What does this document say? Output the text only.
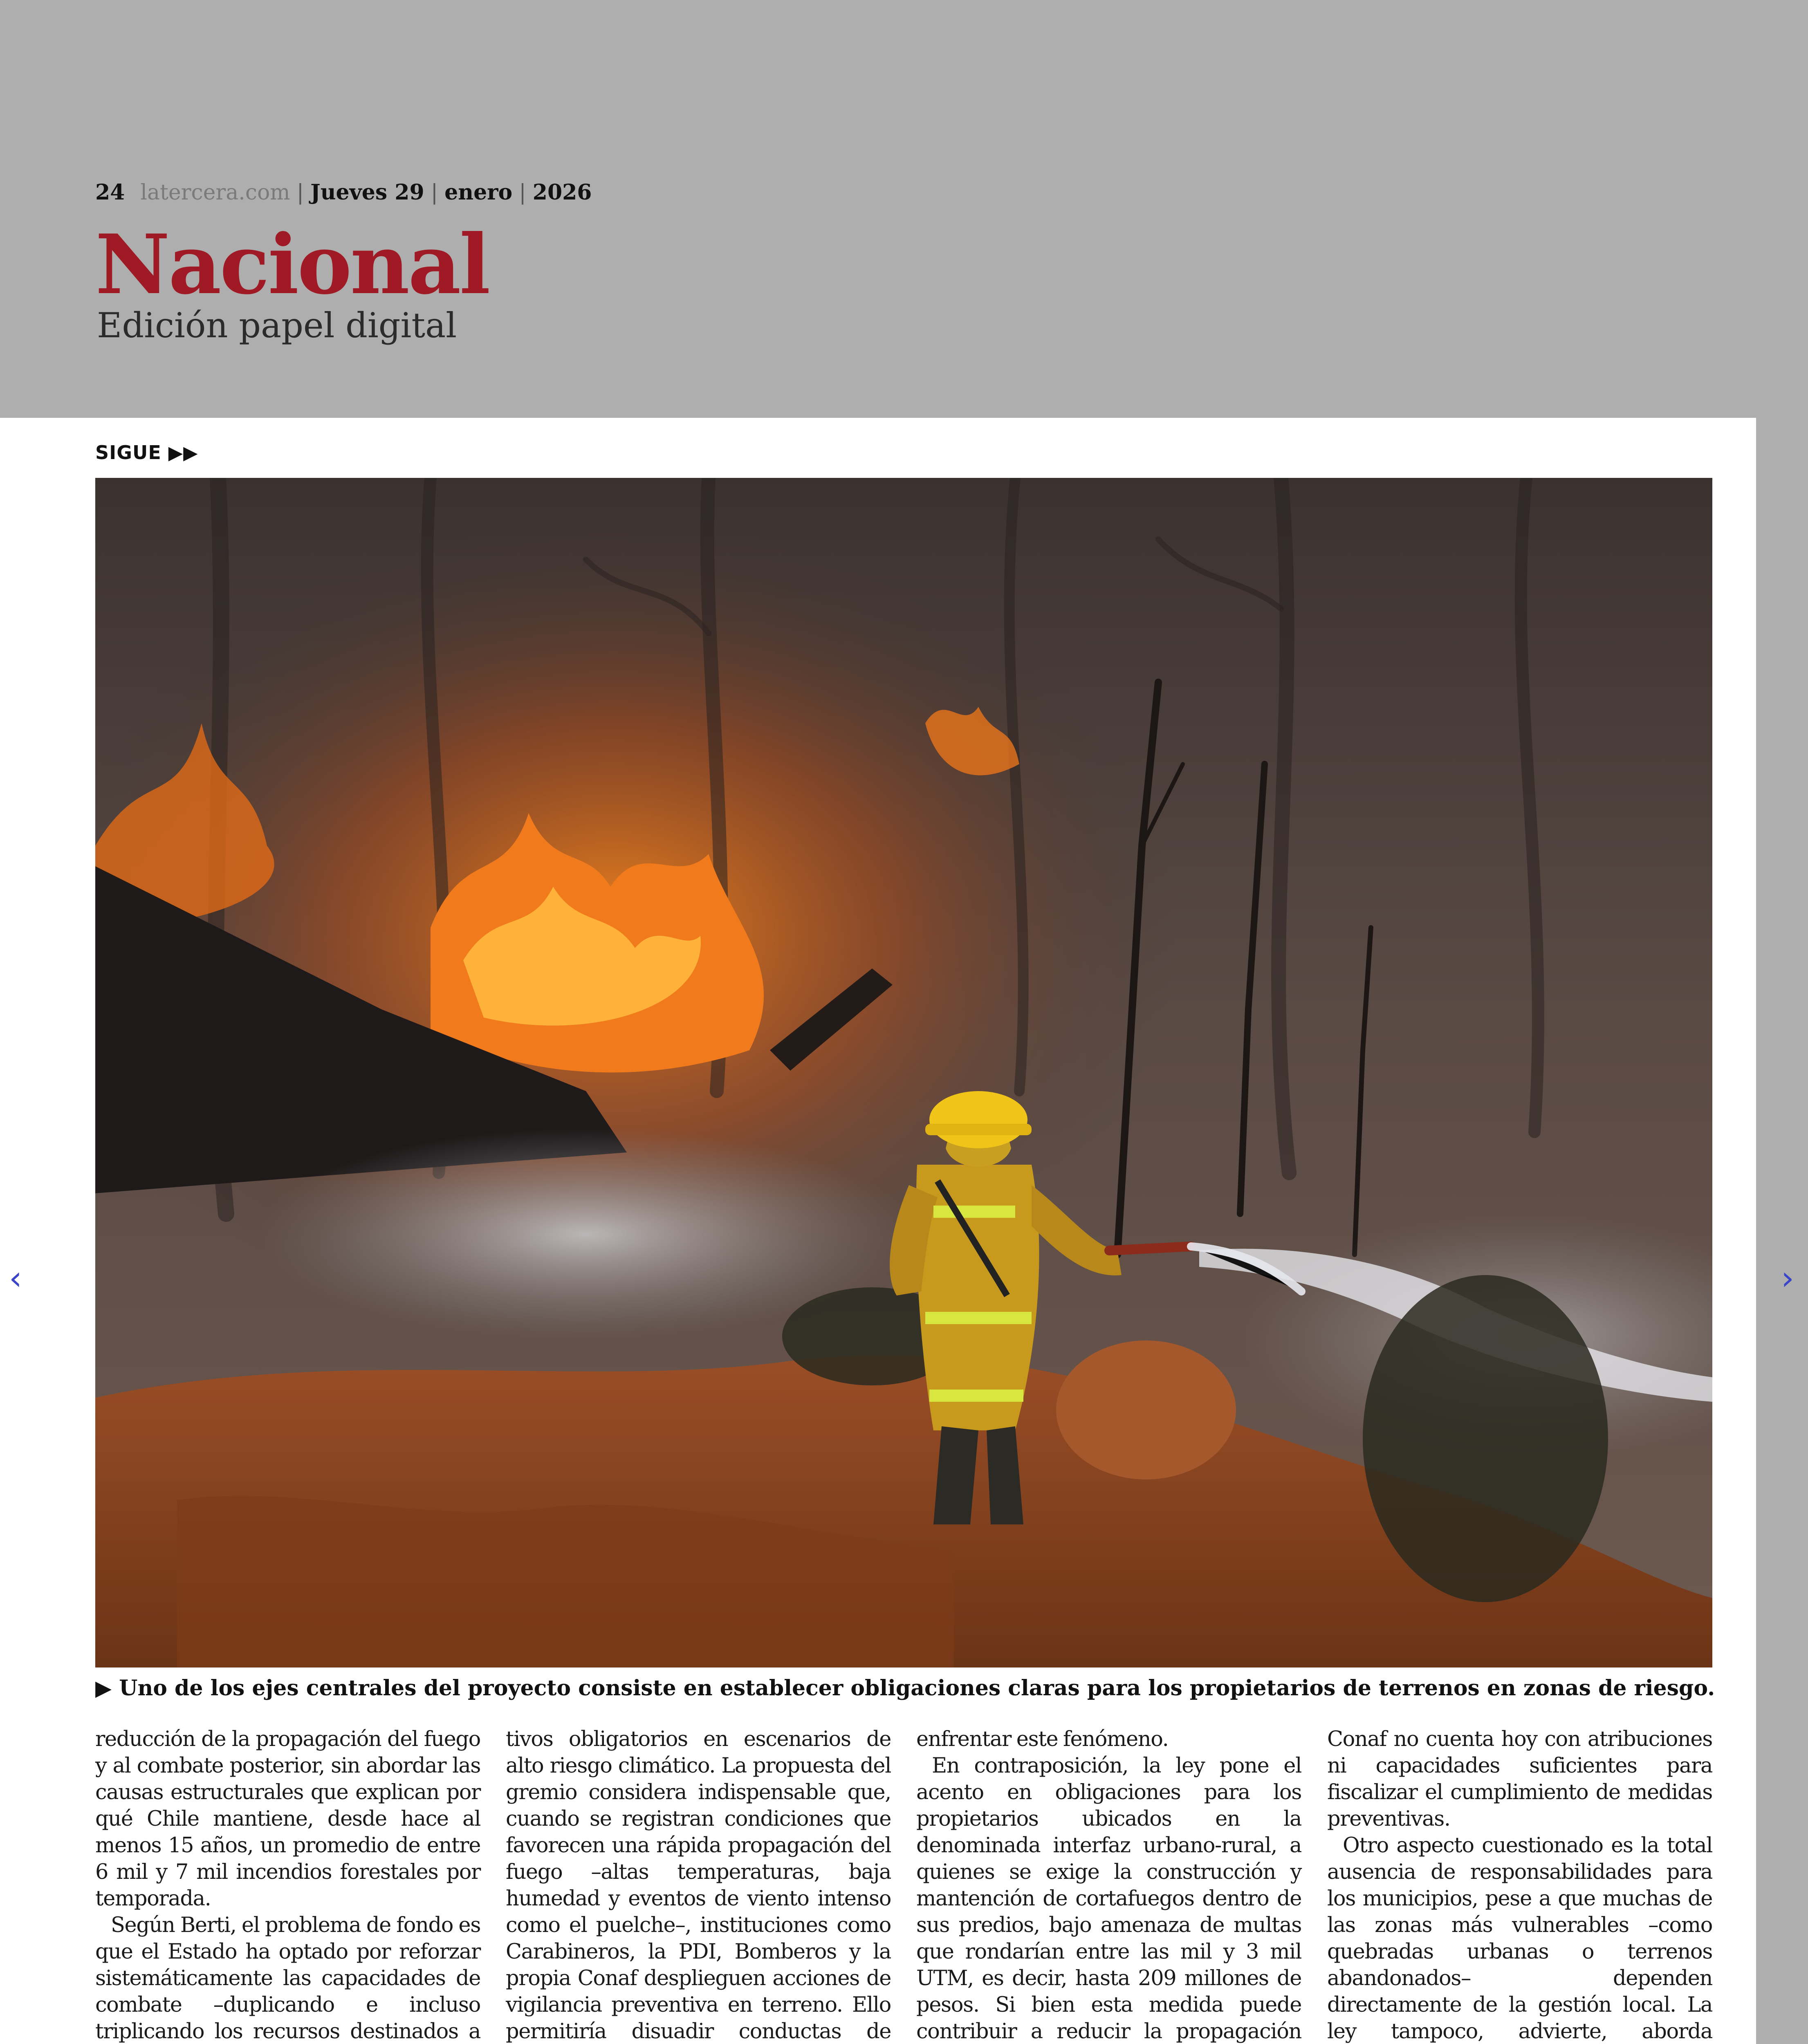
24 latercera.com | Jueves 29 | enero | 2026
Nacional
Edición papel digital
SIGUE ▶▶
▶ Uno de los ejes centrales del proyecto consiste en establecer obligaciones claras para los propietarios de terrenos en zonas de riesgo.

reducción de la propagación del fuego y al combate posterior, sin abordar las causas estructurales que explican por qué Chile mantiene, desde hace al menos 15 años, un promedio de entre 6 mil y 7 mil incendios forestales por temporada.

Según Berti, el problema de fondo es que el Estado ha optado por reforzar sistemáticamente las capacidades de combate –duplicando e incluso triplicando los recursos destinados a

tivos obligatorios en escenarios de alto riesgo climático. La propuesta del gremio considera indispensable que, cuando se registran condiciones que favorecen una rápida propagación del fuego –altas temperaturas, baja humedad y eventos de viento intenso como el puelche–, instituciones como Carabineros, la PDI, Bomberos y la propia Conaf desplieguen acciones de vigilancia preventiva en terreno. Ello permitiría disuadir conductas de

enfrentar este fenómeno.

En contraposición, la ley pone el acento en obligaciones para los propietarios ubicados en la denominada interfaz urbano-rural, a quienes se exige la construcción y mantención de cortafuegos dentro de sus predios, bajo amenaza de multas que rondarían entre las mil y 3 mil UTM, es decir, hasta 209 millones de pesos. Si bien esta medida puede contribuir a reducir la propagación

Conaf no cuenta hoy con atribuciones ni capacidades suficientes para fiscalizar el cumplimiento de medidas preventivas.

Otro aspecto cuestionado es la total ausencia de responsabilidades para los municipios, pese a que muchas de las zonas más vulnerables –como quebradas urbanas o terrenos abandonados– dependen directamente de la gestión local. La ley tampoco, advierte, aborda

‹	›
